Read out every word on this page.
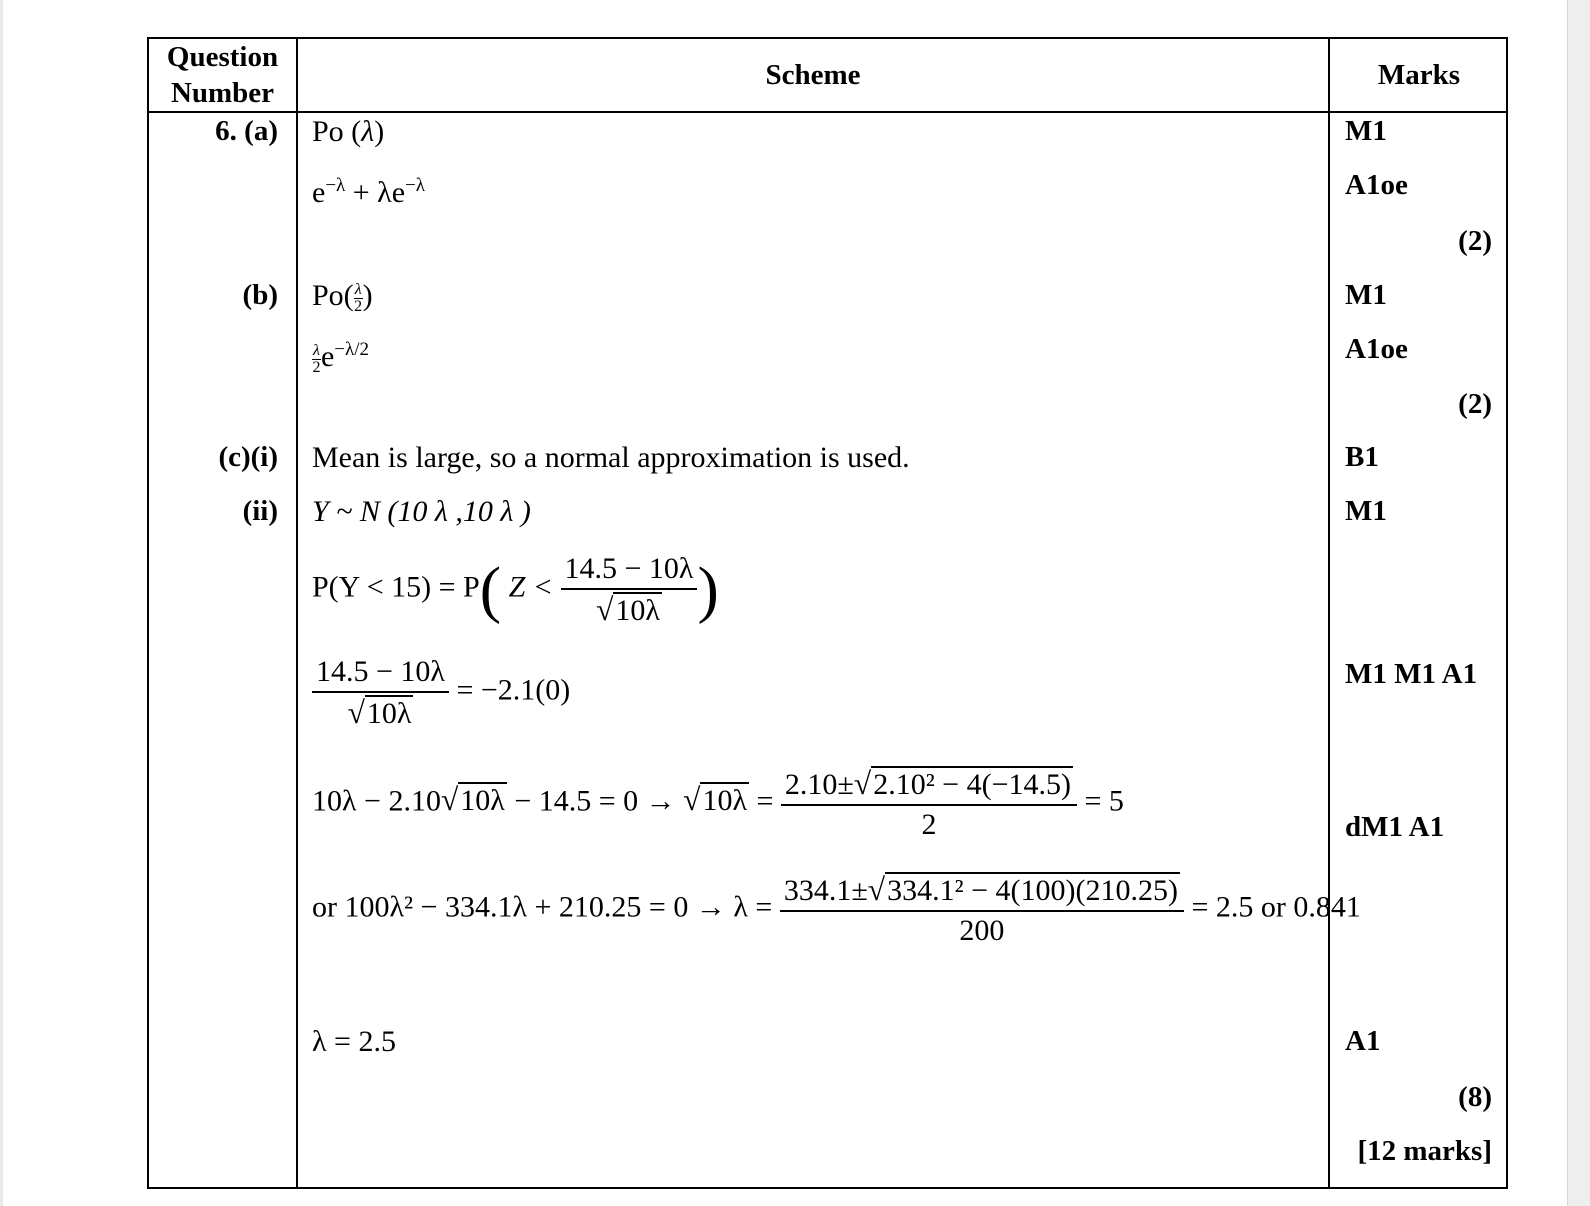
Question Number
Scheme	Marks
6. (a)
(b)
(c)(i)
(ii)
Po (λ)
$e^{-\lambda} + \lambda e^{-\lambda}$
$Po( \frac{\lambda}{2}$ )
$\frac{\lambda}{2} e^{-\lambda/2}$
Mean is large, so a normal approximation is used.
Y ~ N (10 λ ,10 λ )
P(Y < 15) = P( $Z < \frac{14.5 - 10\lambda}{√10\lambda}$ )
$\frac{14.5 - 10\lambda}{√10\lambda} = -2.1(0)$
$10\lambda - 2.10√10\lambda - 14.5 = 0 \to √10\lambda = \frac{\text{2.10±√2.10² − 4(−14.5)}}{2} = 5$
or $100\lambda^2 - 334.1\lambda + 210.25 = 0 \to \lambda = \frac{\text{334.1±√334.1² − 4(100)(210.25)}}{200} = 2.5$ or 0.841
λ = 2.5
M1
A1oe
(2)
M1
A1oe
(2)
B1
M1
M1 M1 A1
dM1 A1
A1
(8)
[12 marks]
